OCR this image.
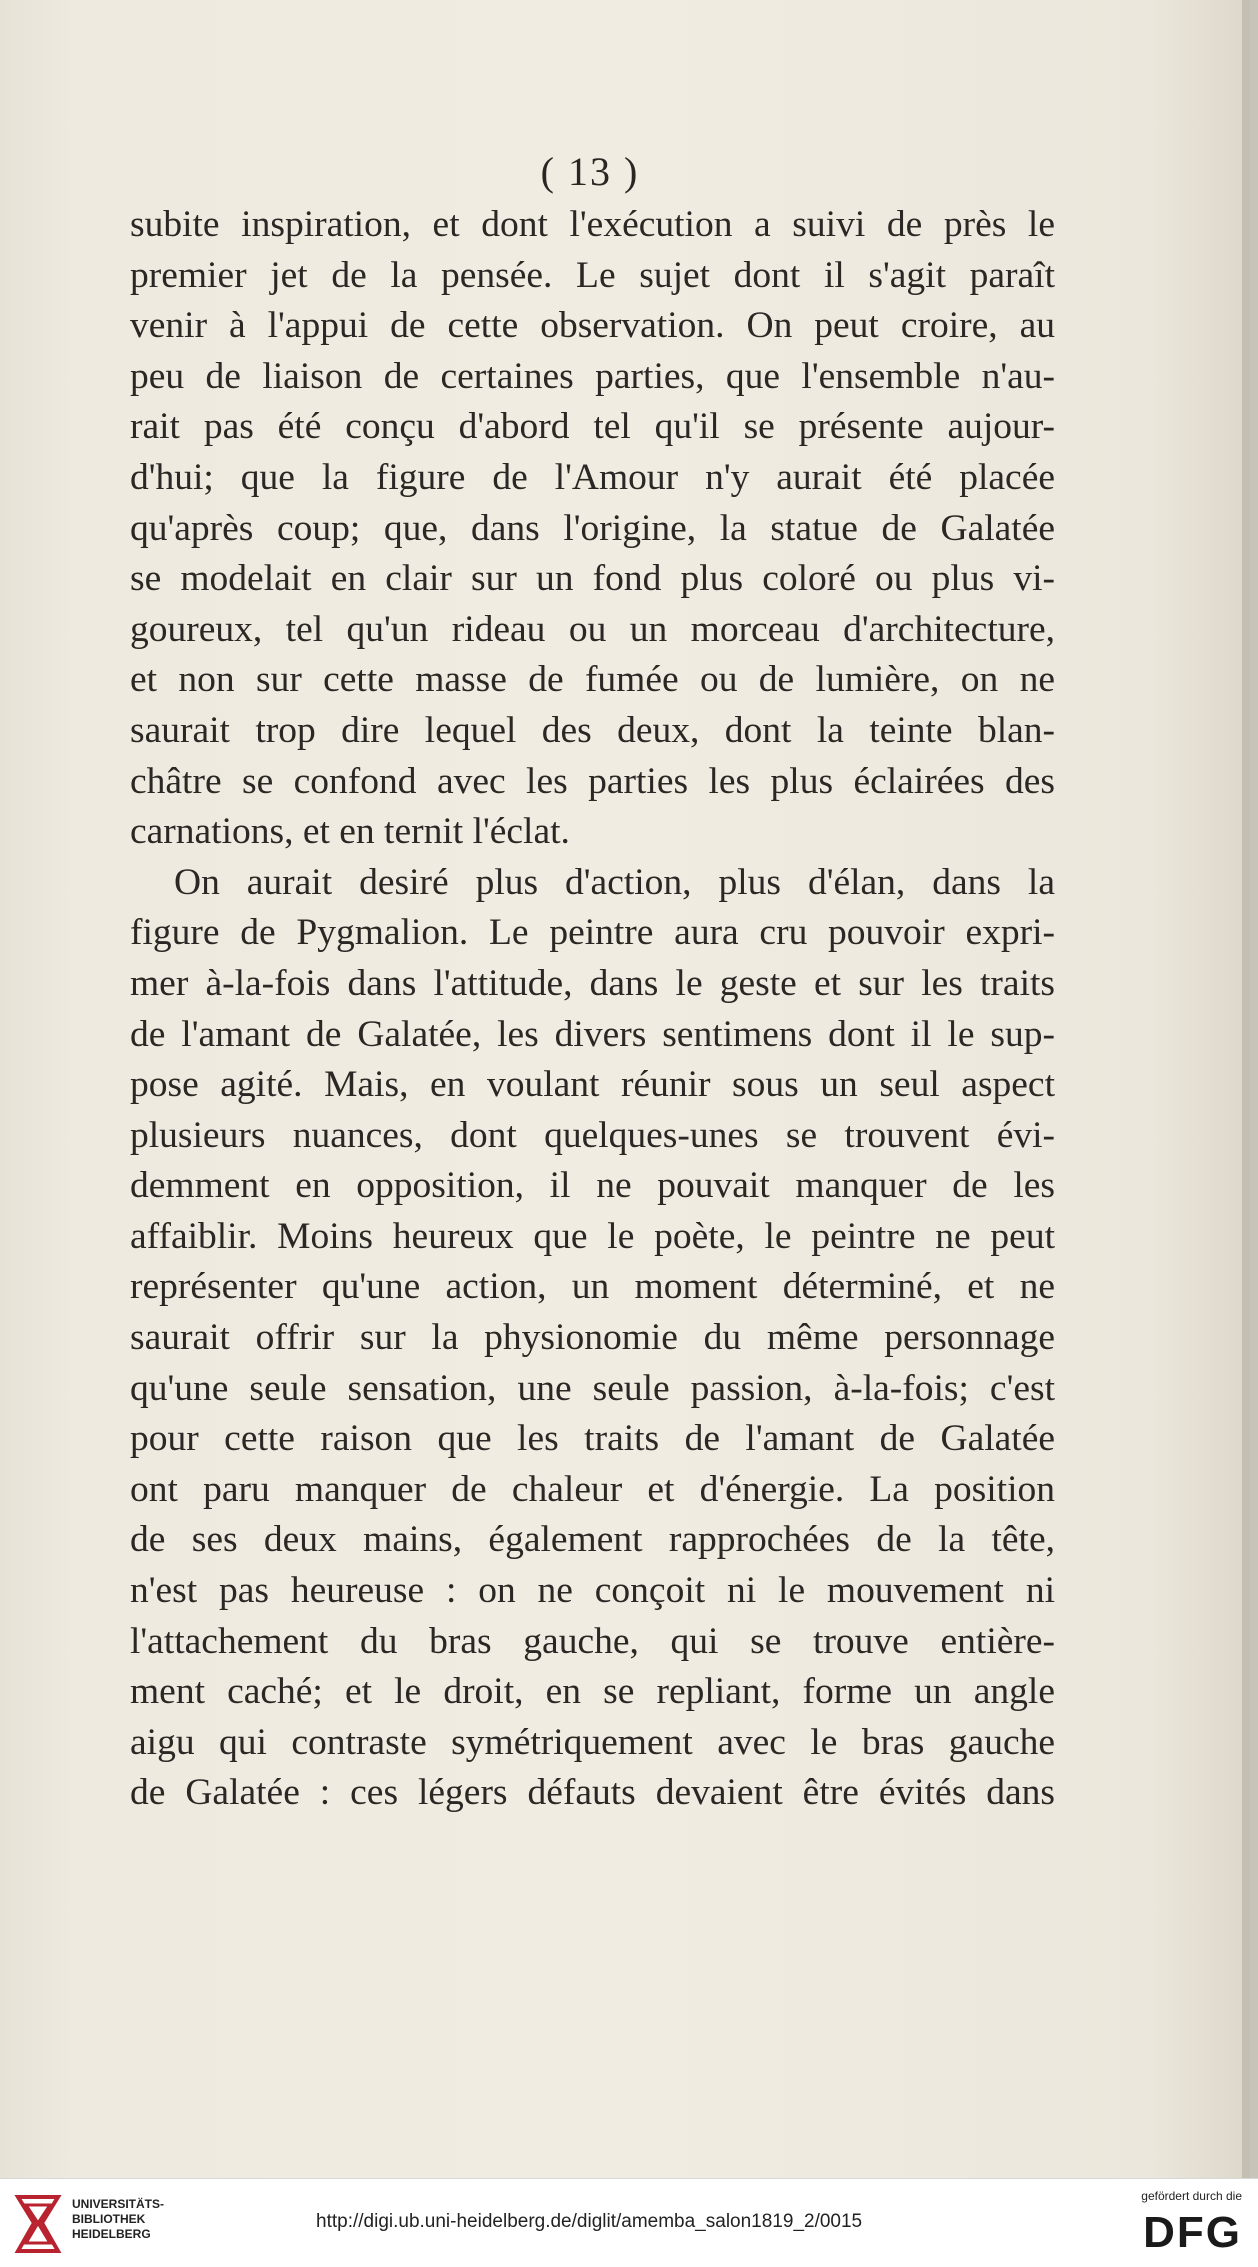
( 13 )
subite inspiration, et dont l'exécution a suivi de près le
premier jet de la pensée. Le sujet dont il s'agit paraît
venir à l'appui de cette observation. On peut croire, au
peu de liaison de certaines parties, que l'ensemble n'au-
rait pas été conçu d'abord tel qu'il se présente aujour-
d'hui; que la figure de l'Amour n'y aurait été placée
qu'après coup; que, dans l'origine, la statue de Galatée
se modelait en clair sur un fond plus coloré ou plus vi-
goureux, tel qu'un rideau ou un morceau d'architecture,
et non sur cette masse de fumée ou de lumière, on ne
saurait trop dire lequel des deux, dont la teinte blan-
châtre se confond avec les parties les plus éclairées des
carnations, et en ternit l'éclat.
On aurait desiré plus d'action, plus d'élan, dans la
figure de Pygmalion. Le peintre aura cru pouvoir expri-
mer à-la-fois dans l'attitude, dans le geste et sur les traits
de l'amant de Galatée, les divers sentimens dont il le sup-
pose agité. Mais, en voulant réunir sous un seul aspect
plusieurs nuances, dont quelques-unes se trouvent évi-
demment en opposition, il ne pouvait manquer de les
affaiblir. Moins heureux que le poète, le peintre ne peut
représenter qu'une action, un moment déterminé, et ne
saurait offrir sur la physionomie du même personnage
qu'une seule sensation, une seule passion, à-la-fois; c'est
pour cette raison que les traits de l'amant de Galatée
ont paru manquer de chaleur et d'énergie. La position
de ses deux mains, également rapprochées de la tête,
n'est pas heureuse : on ne conçoit ni le mouvement ni
l'attachement du bras gauche, qui se trouve entière-
ment caché; et le droit, en se repliant, forme un angle
aigu qui contraste symétriquement avec le bras gauche
de Galatée : ces légers défauts devaient être évités dans
UNIVERSITÄTS-
BIBLIOTHEK
HEIDELBERG
http://digi.ub.uni-heidelberg.de/diglit/amemba_salon1819_2/0015
gefördert durch die
DFG
